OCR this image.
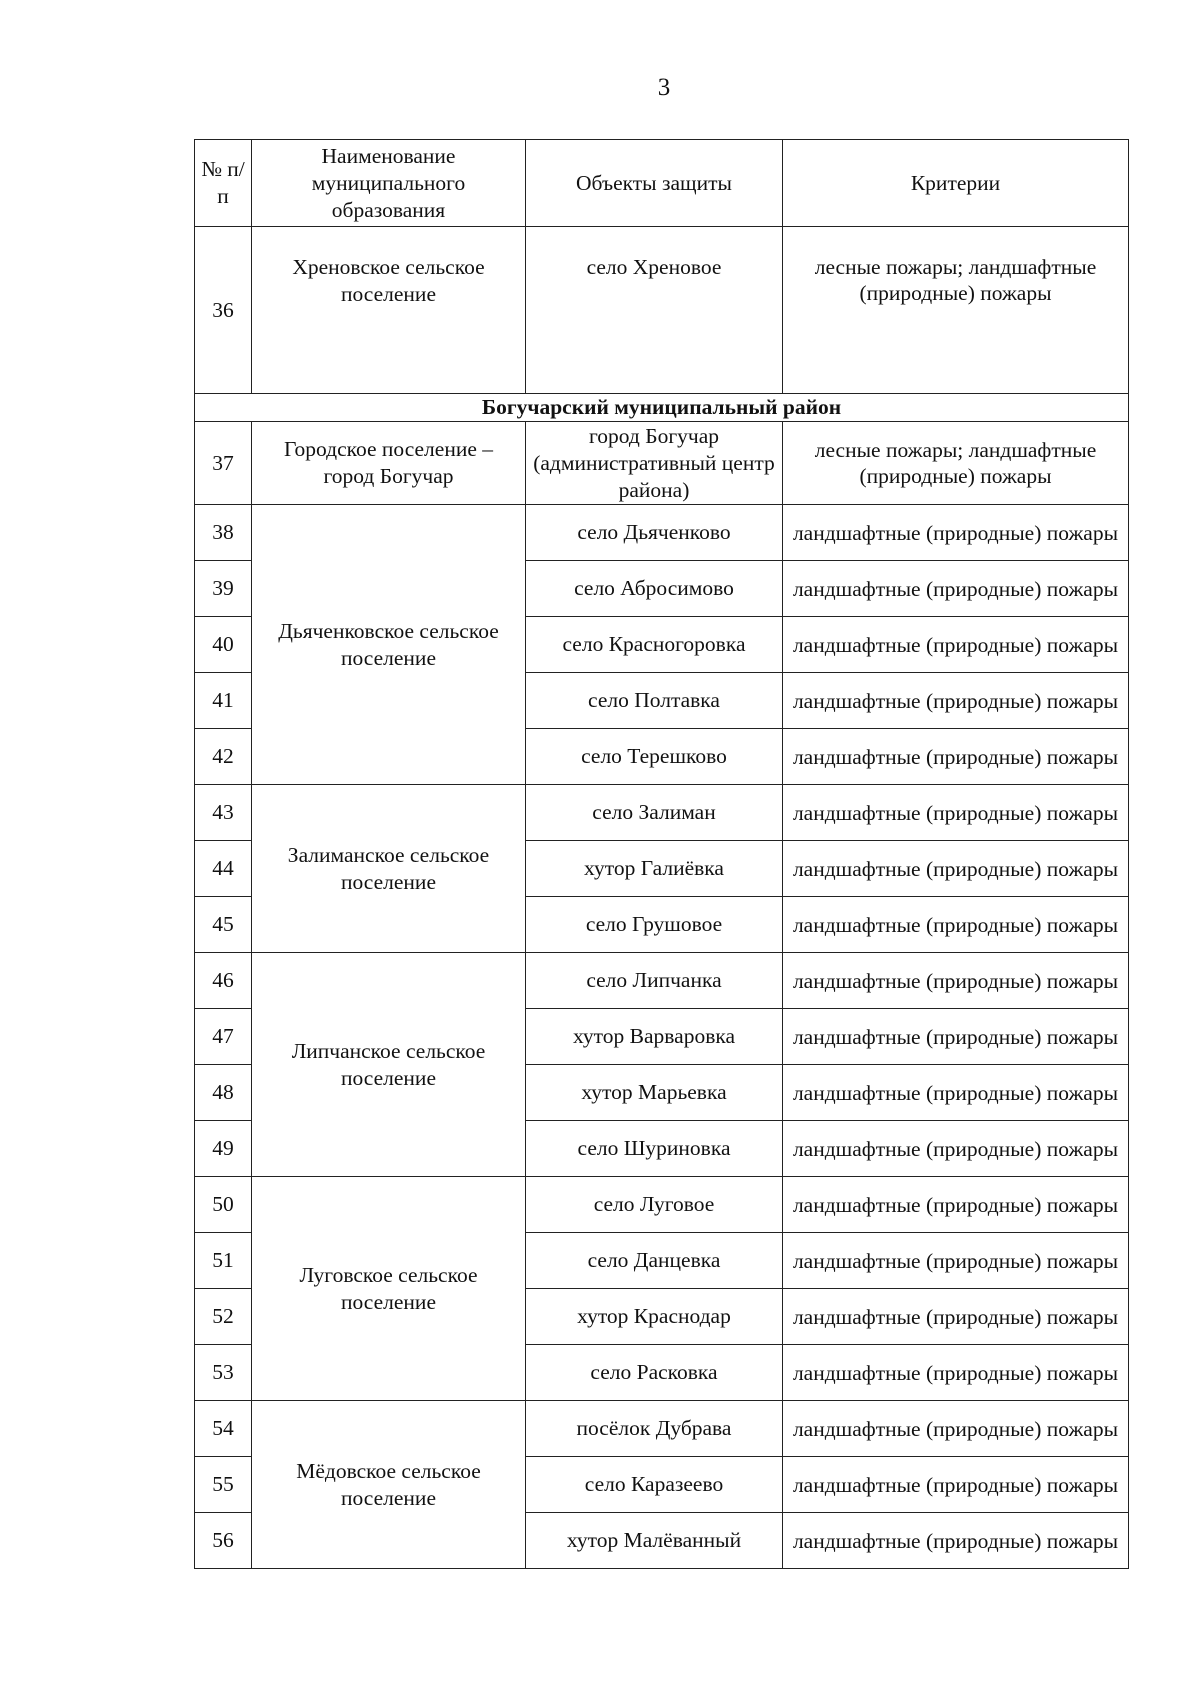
3
№ п/п	Наименование муниципального образования	Объекты защиты	Критерии
36	Хреновское сельское поселение	село Хреновое	лесные пожары; ландшафтные (природные) пожары
Богучарский муниципальный район			
37	Городское поселение – город Богучар	город Богучар (административный центр района)	лесные пожары; ландшафтные (природные) пожары
38	Дьяченковское сельское поселение	село Дьяченково	ландшафтные (природные) пожары
39		село Абросимово	ландшафтные (природные) пожары
40		село Красногоровка	ландшафтные (природные) пожары
41		село Полтавка	ландшафтные (природные) пожары
42		село Терешково	ландшафтные (природные) пожары
43	Залиманское сельское поселение	село Залиман	ландшафтные (природные) пожары
44		хутор Галиёвка	ландшафтные (природные) пожары
45		село Грушовое	ландшафтные (природные) пожары
46	Липчанское сельское поселение	село Липчанка	ландшафтные (природные) пожары
47		хутор Варваровка	ландшафтные (природные) пожары
48		хутор Марьевка	ландшафтные (природные) пожары
49		село Шуриновка	ландшафтные (природные) пожары
50	Луговское сельское поселение	село Луговое	ландшафтные (природные) пожары
51		село Данцевка	ландшафтные (природные) пожары
52		хутор Краснодар	ландшафтные (природные) пожары
53		село Расковка	ландшафтные (природные) пожары
54	Мёдовское сельское поселение	посёлок Дубрава	ландшафтные (природные) пожары
55		село Каразеево	ландшафтные (природные) пожары
56		хутор Малёванный	ландшафтные (природные) пожары
